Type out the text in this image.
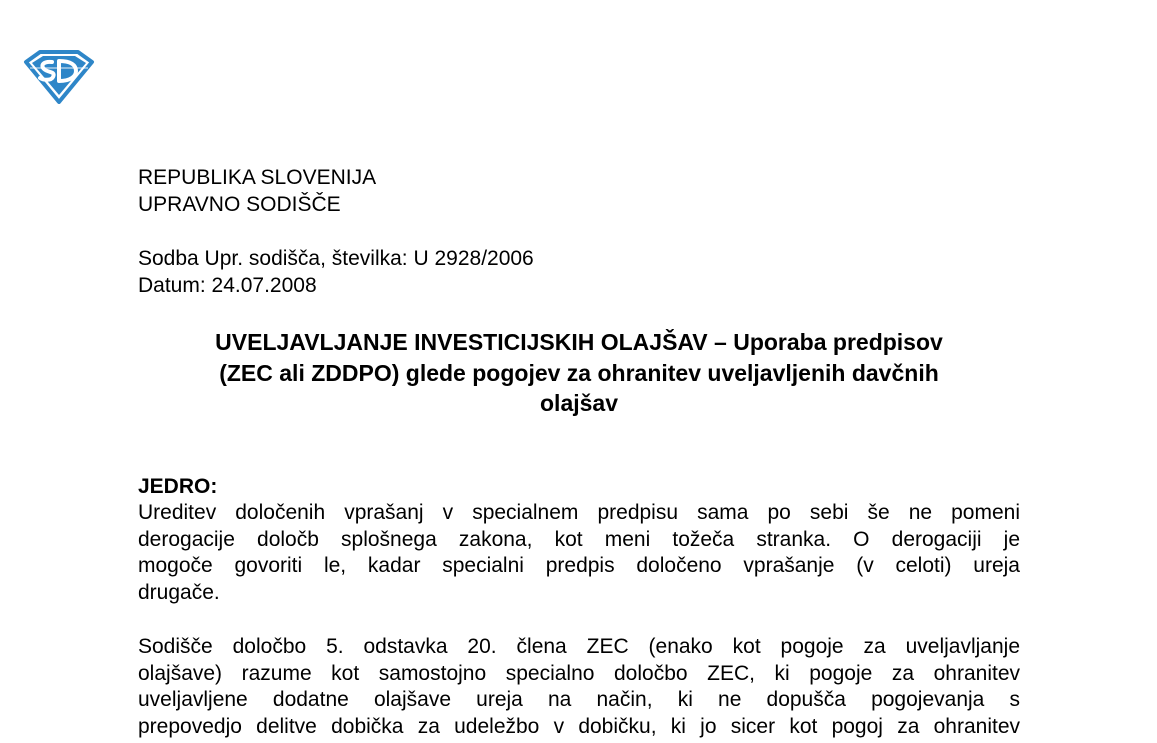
REPUBLIKA SLOVENIJA
UPRAVNO SODIŠČE
Sodba Upr. sodišča, številka: U 2928/2006
Datum: 24.07.2008
UVELJAVLJANJE INVESTICIJSKIH OLAJŠAV – Uporaba predpisov
(ZEC ali ZDDPO) glede pogojev za ohranitev uveljavljenih davčnih
olajšav
JEDRO:
Ureditev določenih vprašanj v specialnem predpisu sama po sebi še ne pomeni
derogacije določb splošnega zakona, kot meni tožeča stranka. O derogaciji je
mogoče govoriti le, kadar specialni predpis določeno vprašanje (v celoti) ureja
drugače.
Sodišče določbo 5. odstavka 20. člena ZEC (enako kot pogoje za uveljavljanje
olajšave) razume kot samostojno specialno določbo ZEC, ki pogoje za ohranitev
uveljavljene dodatne olajšave ureja na način, ki ne dopušča pogojevanja s
prepovedjo delitve dobička za udeležbo v dobičku, ki jo sicer kot pogoj za ohranitev
